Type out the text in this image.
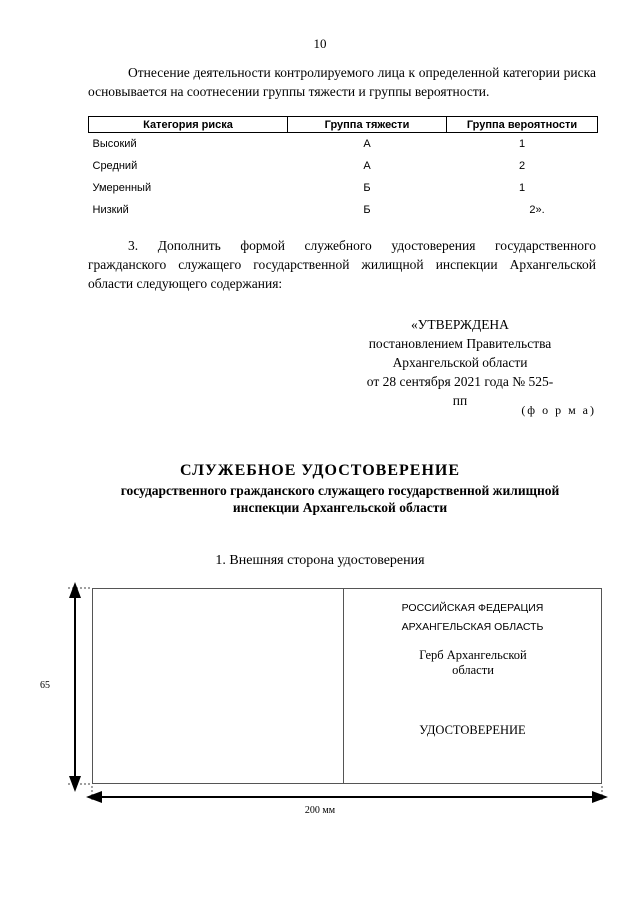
10
Отнесение деятельности контролируемого лица к определенной категории риска основывается на соотнесении группы тяжести и группы вероятности.
Категория риска	Группа тяжести	Группа вероятности
Высокий	А	1
Средний	А	2
Умеренный	Б	1
Низкий	Б	2».
3. Дополнить формой служебного удостоверения государственного гражданского служащего государственной жилищной инспекции Архангельской области следующего содержания:
«УТВЕРЖДЕНА
постановлением Правительства
Архангельской области
от 28 сентября 2021 года № 525-пп
(ф о р м а)
СЛУЖЕБНОЕ УДОСТОВЕРЕНИЕ
государственного гражданского служащего государственной жилищной инспекции Архангельской области
1. Внешняя сторона удостоверения
РОССИЙСКАЯ ФЕДЕРАЦИЯ
АРХАНГЕЛЬСКАЯ ОБЛАСТЬ
Герб Архангельской области
УДОСТОВЕРЕНИЕ
65
200 мм
